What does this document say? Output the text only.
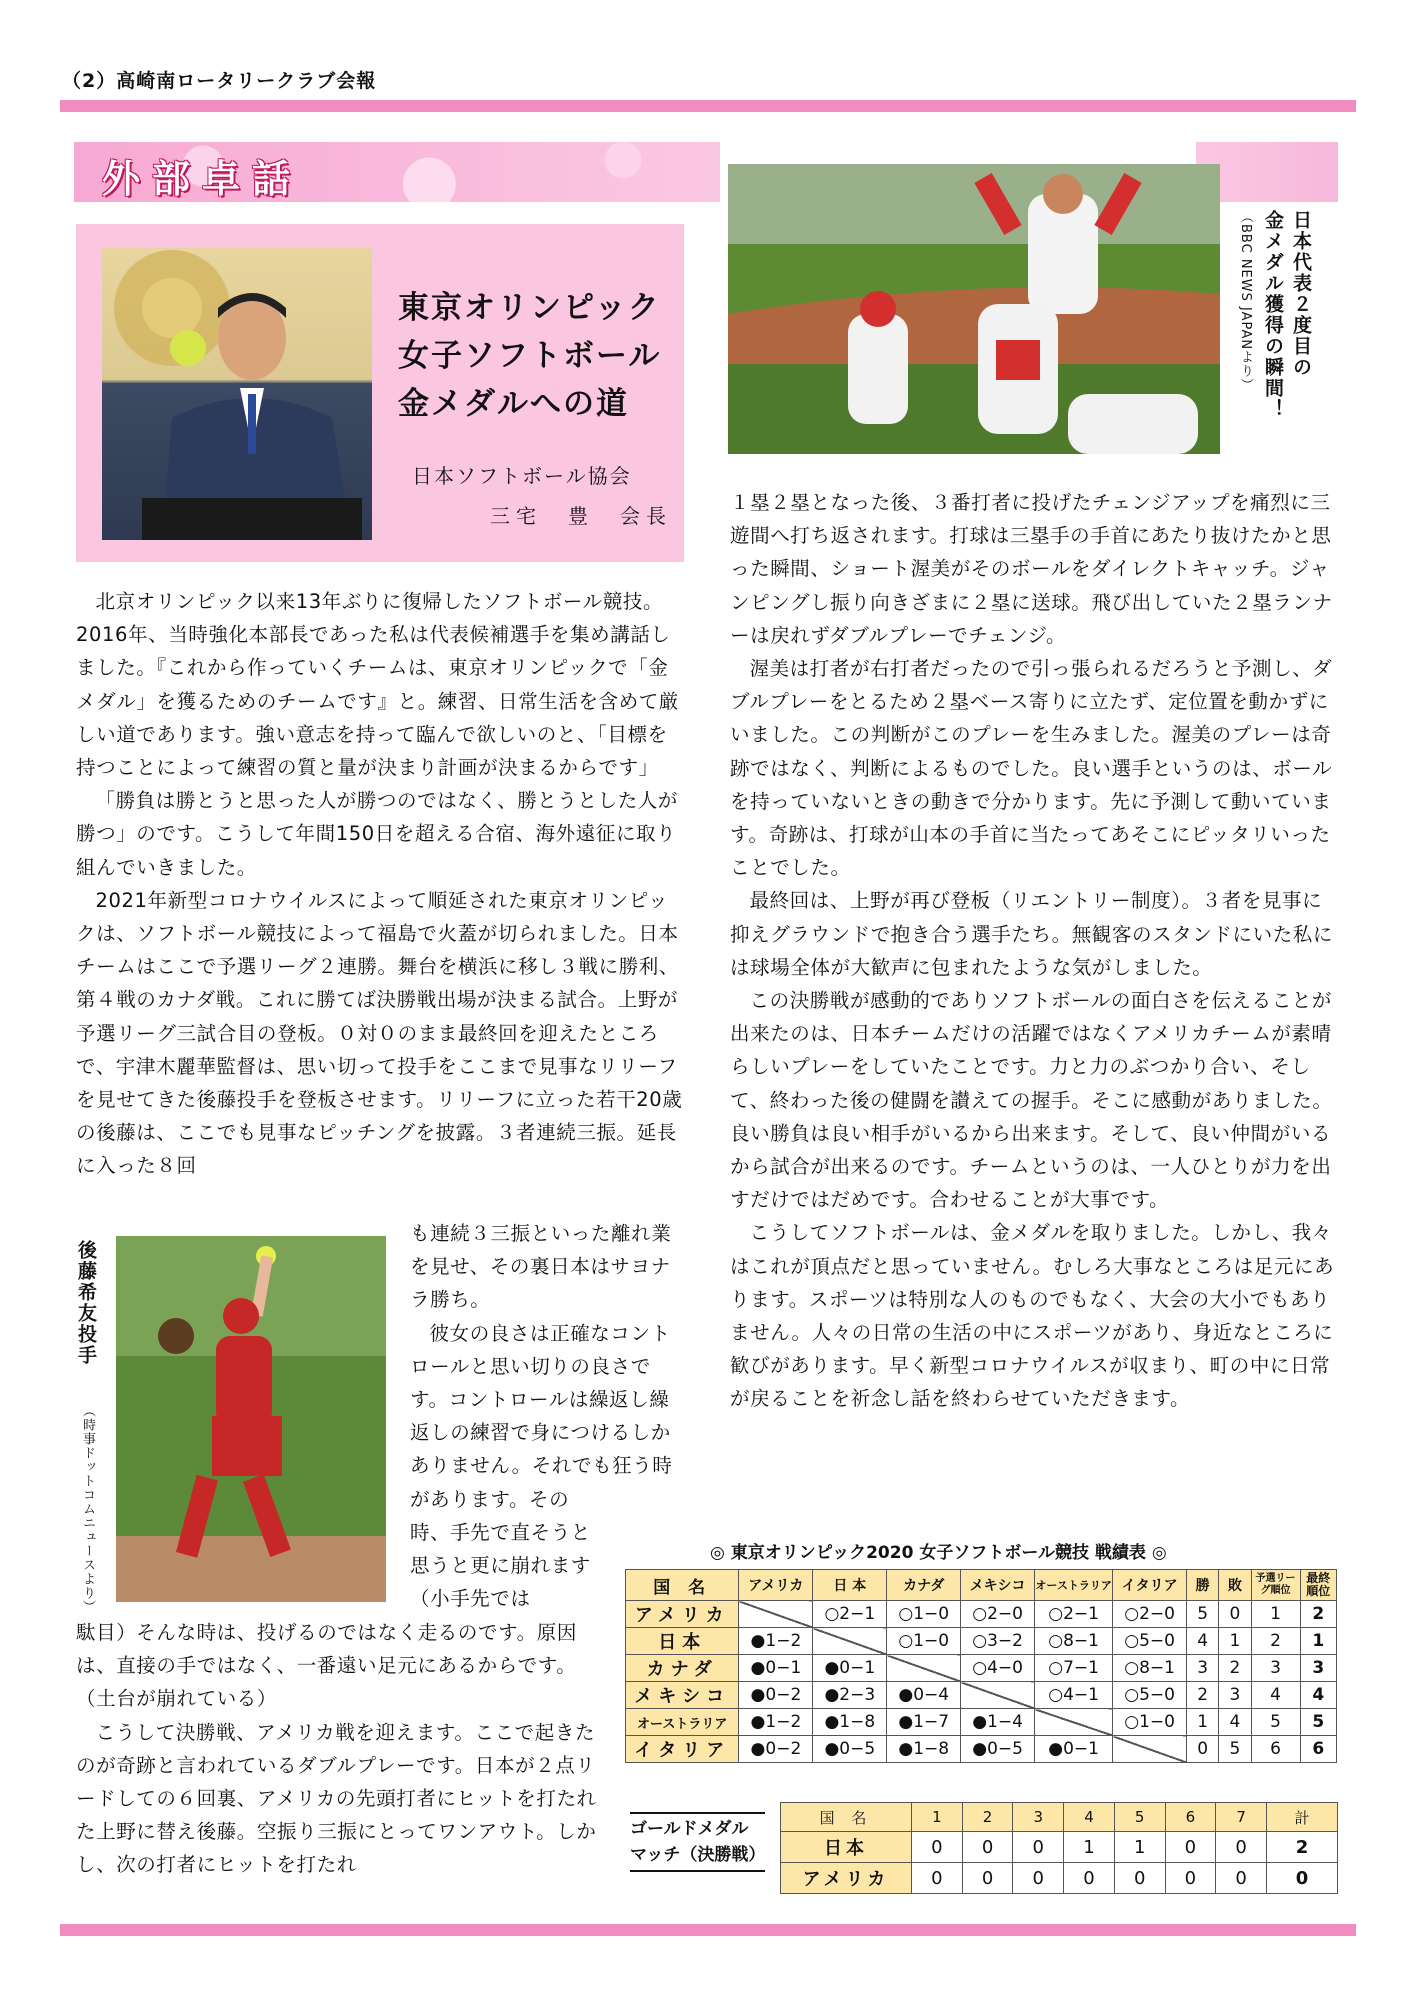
（2）高崎南ロータリークラブ会報
外部卓話
東京オリンピック
女子ソフトボール
金メダルへの道
日本ソフトボール協会
三宅　豊　会長
日本代表２度目の
金メダル獲得の瞬間！
（BBC NEWS JAPANより）

北京オリンピック以来13年ぶりに復帰したソフトボール競技。2016年、当時強化本部長であった私は代表候補選手を集め講話しました。『これから作っていくチームは、東京オリンピックで「金メダル」を獲るためのチームです』と。練習、日常生活を含めて厳しい道であります。強い意志を持って臨んで欲しいのと、「目標を持つことによって練習の質と量が決まり計画が決まるからです」

「勝負は勝とうと思った人が勝つのではなく、勝とうとした人が勝つ」のです。こうして年間150日を超える合宿、海外遠征に取り組んでいきました。

2021年新型コロナウイルスによって順延された東京オリンピックは、ソフトボール競技によって福島で火蓋が切られました。日本チームはここで予選リーグ２連勝。舞台を横浜に移し３戦に勝利、第４戦のカナダ戦。これに勝てば決勝戦出場が決まる試合。上野が予選リーグ三試合目の登板。０対０のまま最終回を迎えたところで、宇津木麗華監督は、思い切って投手をここまで見事なリリーフを見せてきた後藤投手を登板させます。リリーフに立った若干20歳の後藤は、ここでも見事なピッチングを披露。３者連続三振。延長に入った８回

後藤希友投手
（時事ドットコムニュースより）

も連続３三振といった離れ業を見せ、その裏日本はサヨナラ勝ち。

彼女の良さは正確なコントロールと思い切りの良さです。コントロールは繰返し繰返しの練習で身につけるしかありません。それでも狂う時があります。その

時、手先で直そうと思うと更に崩れます（小手先では

駄目）そんな時は、投げるのではなく走るのです。原因は、直接の手ではなく、一番遠い足元にあるからです。（土台が崩れている）

こうして決勝戦、アメリカ戦を迎えます。ここで起きたのが奇跡と言われているダブルプレーです。日本が２点リードしての６回裏、アメリカの先頭打者にヒットを打たれた上野に替え後藤。空振り三振にとってワンアウト。しかし、次の打者にヒットを打たれ

１塁２塁となった後、３番打者に投げたチェンジアップを痛烈に三遊間へ打ち返されます。打球は三塁手の手首にあたり抜けたかと思った瞬間、ショート渥美がそのボールをダイレクトキャッチ。ジャンピングし振り向きざまに２塁に送球。飛び出していた２塁ランナーは戻れずダブルプレーでチェンジ。

渥美は打者が右打者だったので引っ張られるだろうと予測し、ダブルプレーをとるため２塁ベース寄りに立たず、定位置を動かずにいました。この判断がこのプレーを生みました。渥美のプレーは奇跡ではなく、判断によるものでした。良い選手というのは、ボールを持っていないときの動きで分かります。先に予測して動いています。奇跡は、打球が山本の手首に当たってあそこにピッタリいったことでした。

最終回は、上野が再び登板（リエントリー制度）。３者を見事に抑えグラウンドで抱き合う選手たち。無観客のスタンドにいた私には球場全体が大歓声に包まれたような気がしました。

この決勝戦が感動的でありソフトボールの面白さを伝えることが出来たのは、日本チームだけの活躍ではなくアメリカチームが素晴らしいプレーをしていたことです。力と力のぶつかり合い、そして、終わった後の健闘を讃えての握手。そこに感動がありました。良い勝負は良い相手がいるから出来ます。そして、良い仲間がいるから試合が出来るのです。チームというのは、一人ひとりが力を出すだけではだめです。合わせることが大事です。

こうしてソフトボールは、金メダルを取りました。しかし、我々はこれが頂点だと思っていません。むしろ大事なところは足元にあります。スポーツは特別な人のものでもなく、大会の大小でもありません。人々の日常の生活の中にスポーツがあり、身近なところに歓びがあります。早く新型コロナウイルスが収まり、町の中に日常が戻ることを祈念し話を終わらせていただきます。

◎ 東京オリンピック2020 女子ソフトボール競技 戦績表 ◎
国 名	アメリカ	日 本	カナダ	メキシコ	オーストラリア	イタリア	勝	敗	予選リーグ順位	最終順位
アメリカ		○2−1	○1−0	○2−0	○2−1	○2−0	5	0	1	2
日本	●1−2		○1−0	○3−2	○8−1	○5−0	4	1	2	1
カナダ	●0−1	●0−1		○4−0	○7−1	○8−1	3	2	3	3
メキシコ	●0−2	●2−3	●0−4		○4−1	○5−0	2	3	4	4
オーストラリア	●1−2	●1−8	●1−7	●1−4		○1−0	1	4	5	5
イタリア	●0−2	●0−5	●1−8	●0−5	●0−1		0	5	6	6
ゴールドメダル
マッチ（決勝戦）
国 名	1	2	3	4	5	6	7	計
日本	0	0	0	1	1	0	0	2
アメリカ	0	0	0	0	0	0	0	0
